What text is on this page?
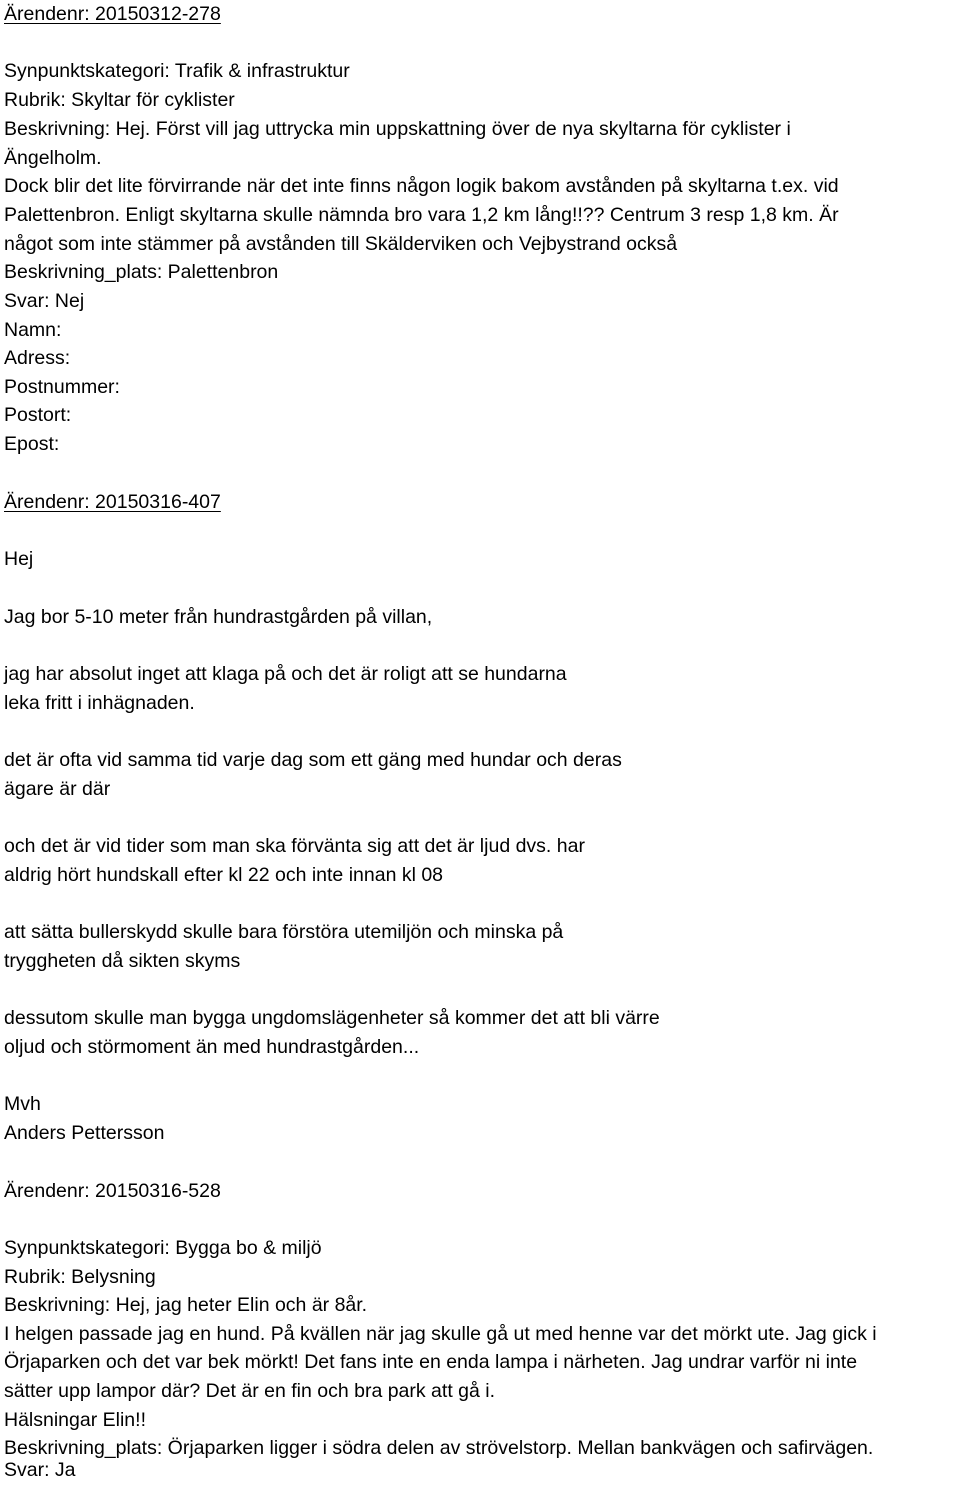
Ärendenr: 20150312-278
Synpunktskategori: Trafik & infrastruktur
Rubrik: Skyltar för cyklister
Beskrivning: Hej. Först vill jag uttrycka min uppskattning över de nya skyltarna för cyklister i
Ängelholm.
Dock blir det lite förvirrande när det inte finns någon logik bakom avstånden på skyltarna t.ex. vid
Palettenbron. Enligt skyltarna skulle nämnda bro vara 1,2 km lång!!?? Centrum 3 resp 1,8 km. Är
något som inte stämmer på avstånden till Skälderviken och Vejbystrand också
Beskrivning_plats: Palettenbron
Svar: Nej
Namn:
Adress:
Postnummer:
Postort:
Epost:
Ärendenr: 20150316-407
Hej
Jag bor 5-10 meter från hundrastgården på villan,
jag har absolut inget att klaga på och det är roligt att se hundarna
leka fritt i inhägnaden.
det är ofta vid samma tid varje dag som ett gäng med hundar och deras
ägare är där
och det är vid tider som man ska förvänta sig att det är ljud dvs. har
aldrig hört hundskall efter kl 22 och inte innan kl 08
att sätta bullerskydd skulle bara förstöra utemiljön och minska på
tryggheten då sikten skyms
dessutom skulle man bygga ungdomslägenheter så kommer det att bli värre
oljud och störmoment än med hundrastgården...
Mvh
Anders Pettersson
Ärendenr: 20150316-528
Synpunktskategori: Bygga bo & miljö
Rubrik: Belysning
Beskrivning: Hej, jag heter Elin och är 8år.
I helgen passade jag en hund. På kvällen när jag skulle gå ut med henne var det mörkt ute. Jag gick i
Örjaparken och det var bek mörkt! Det fans inte en enda lampa i närheten. Jag undrar varför ni inte
sätter upp lampor där? Det är en fin och bra park att gå i.
Hälsningar Elin!!
Beskrivning_plats: Örjaparken ligger i södra delen av strövelstorp. Mellan bankvägen och safirvägen.
Svar: Ja
